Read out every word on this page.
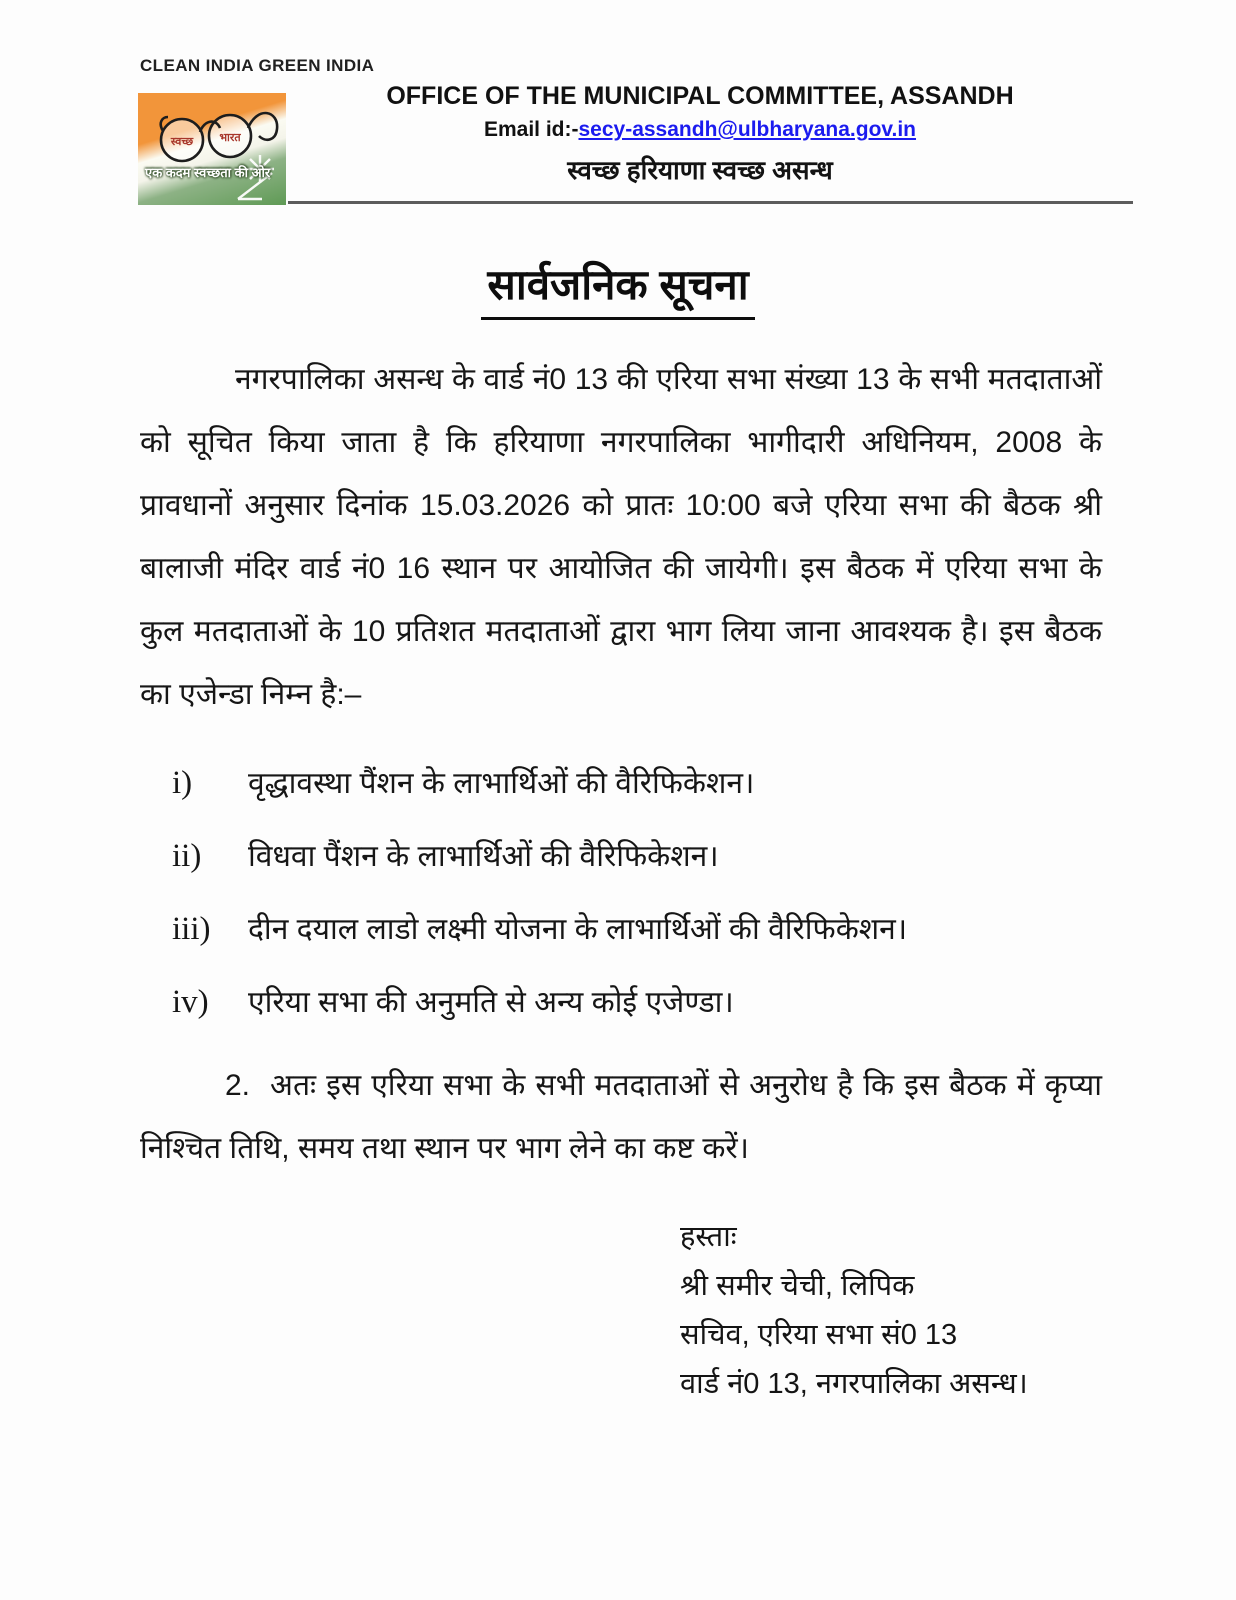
CLEAN INDIA GREEN INDIA
स्वच्छ भारत
एक कदम स्वच्छता की ओर
OFFICE OF THE MUNICIPAL COMMITTEE, ASSANDH
Email id:-secy-assandh@ulbharyana.gov.in
स्वच्छ हरियाणा स्वच्छ असन्ध
सार्वजनिक सूचना

नगरपालिका असन्ध के वार्ड नं0 13 की एरिया सभा संख्या 13 के सभी मतदाताओं को सूचित किया जाता है कि हरियाणा नगरपालिका भागीदारी अधिनियम, 2008 के प्रावधानों अनुसार दिनांक 15.03.2026 को प्रातः 10:00 बजे एरिया सभा की बैठक श्री बालाजी मंदिर वार्ड नं0 16 स्थान पर आयोजित की जायेगी। इस बैठक में एरिया सभा के कुल मतदाताओं के 10 प्रतिशत मतदाताओं द्वारा भाग लिया जाना आवश्यक है। इस बैठक का एजेन्डा निम्न है:–

i)	वृद्धावस्था पैंशन के लाभार्थिओं की वैरिफिकेशन।
ii)	विधवा पैंशन के लाभार्थिओं की वैरिफिकेशन।
iii)	दीन दयाल लाडो लक्ष्मी योजना के लाभार्थिओं की वैरिफिकेशन।
iv)	एरिया सभा की अनुमति से अन्य कोई एजेण्डा।

2. अतः इस एरिया सभा के सभी मतदाताओं से अनुरोध है कि इस बैठक में कृप्या निश्चित तिथि, समय तथा स्थान पर भाग लेने का कष्ट करें।

हस्ताः
श्री समीर चेची, लिपिक
सचिव, एरिया सभा सं0 13
वार्ड नं0 13, नगरपालिका असन्ध।
